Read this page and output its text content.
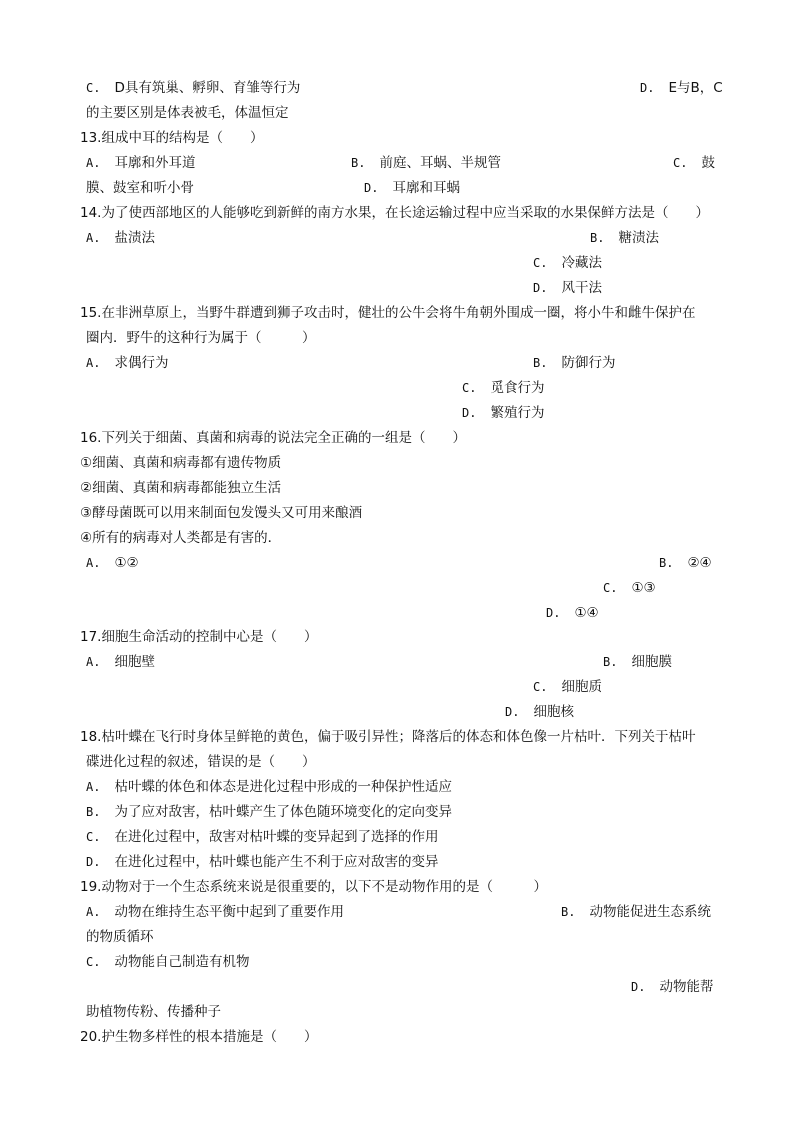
C. D具有筑巢、孵卵、育雏等行为	D. E与B，C
的主要区别是体表被毛，体温恒定
13.组成中耳的结构是（　　）
A. 耳廓和外耳道	B. 前庭、耳蜗、半规管	C. 鼓
膜、鼓室和听小骨	D. 耳廓和耳蜗
14.为了使西部地区的人能够吃到新鲜的南方水果，在长途运输过程中应当采取的水果保鲜方法是（　　）
A. 盐渍法	B. 糖渍法
C. 冷藏法
D. 风干法
15.在非洲草原上，当野牛群遭到狮子攻击时，健壮的公牛会将牛角朝外围成一圈，将小牛和雌牛保护在
圈内．野牛的这种行为属于（　　　）
A. 求偶行为	B. 防御行为
C. 觅食行为
D. 繁殖行为
16.下列关于细菌、真菌和病毒的说法完全正确的一组是（　　）
①细菌、真菌和病毒都有遗传物质
②细菌、真菌和病毒都能独立生活
③酵母菌既可以用来制面包发馒头又可用来酿酒
④所有的病毒对人类都是有害的．
A. ①②	B. ②④
C. ①③
D. ①④
17.细胞生命活动的控制中心是（　　）
A. 细胞壁	B. 细胞膜
C. 细胞质
D. 细胞核
18.枯叶蝶在飞行时身体呈鲜艳的黄色，偏于吸引异性；降落后的体态和体色像一片枯叶．下列关于枯叶
碟进化过程的叙述，错误的是（　　）
A. 枯叶蝶的体色和体态是进化过程中形成的一种保护性适应
B. 为了应对敌害，枯叶蝶产生了体色随环境变化的定向变异
C. 在进化过程中，敌害对枯叶蝶的变异起到了选择的作用
D. 在进化过程中，枯叶蝶也能产生不利于应对敌害的变异
19.动物对于一个生态系统来说是很重要的，以下不是动物作用的是（　　　）
A. 动物在维持生态平衡中起到了重要作用	B. 动物能促进生态系统
的物质循环
C. 动物能自己制造有机物
D. 动物能帮
助植物传粉、传播种子
20.护生物多样性的根本措施是（　　）
